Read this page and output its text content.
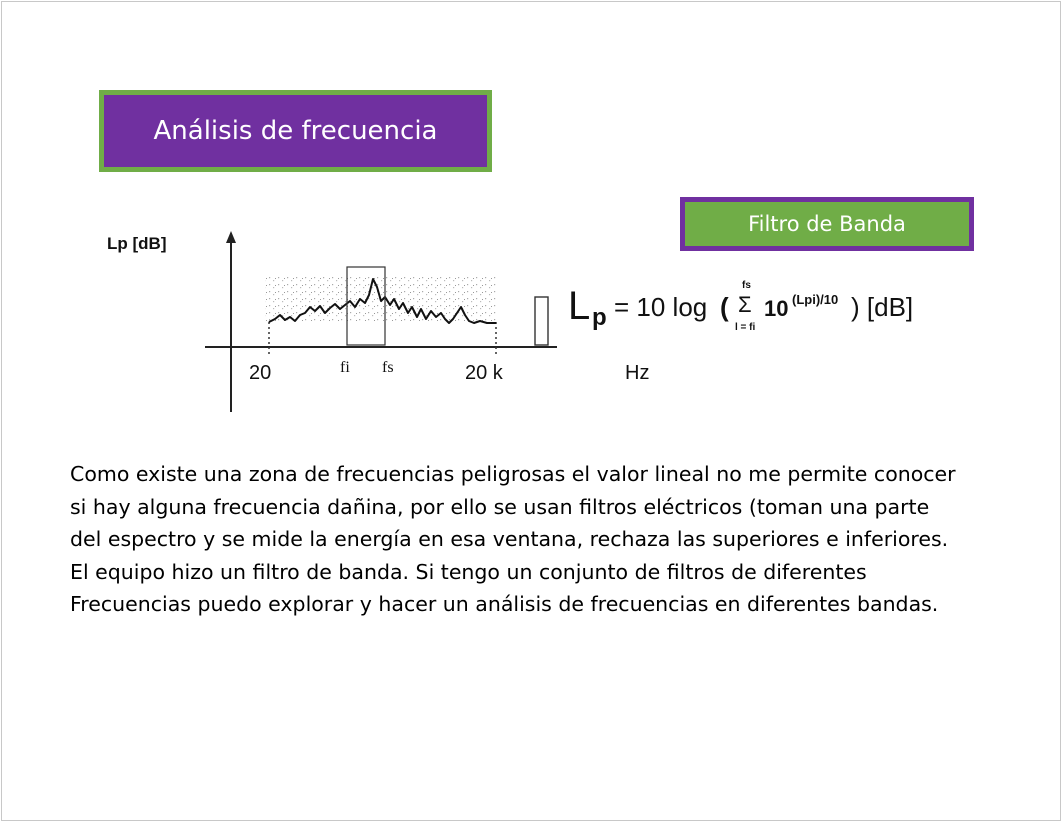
Análisis de frecuencia
Filtro de Banda
Lp [dB]
20	fi fs	20 k	Hz
L p = 10 log (
fs
Σ
l = fi
10 (Lpi)/10 ) [dB]
Como existe una zona de frecuencias peligrosas el valor lineal no me permite conocer
si hay alguna frecuencia dañina, por ello se usan filtros eléctricos (toman una parte
del espectro y se mide la energía en esa ventana, rechaza las superiores e inferiores.
El equipo hizo un filtro de banda. Si tengo un conjunto de filtros de diferentes
Frecuencias puedo explorar y hacer un análisis de frecuencias en diferentes bandas.
